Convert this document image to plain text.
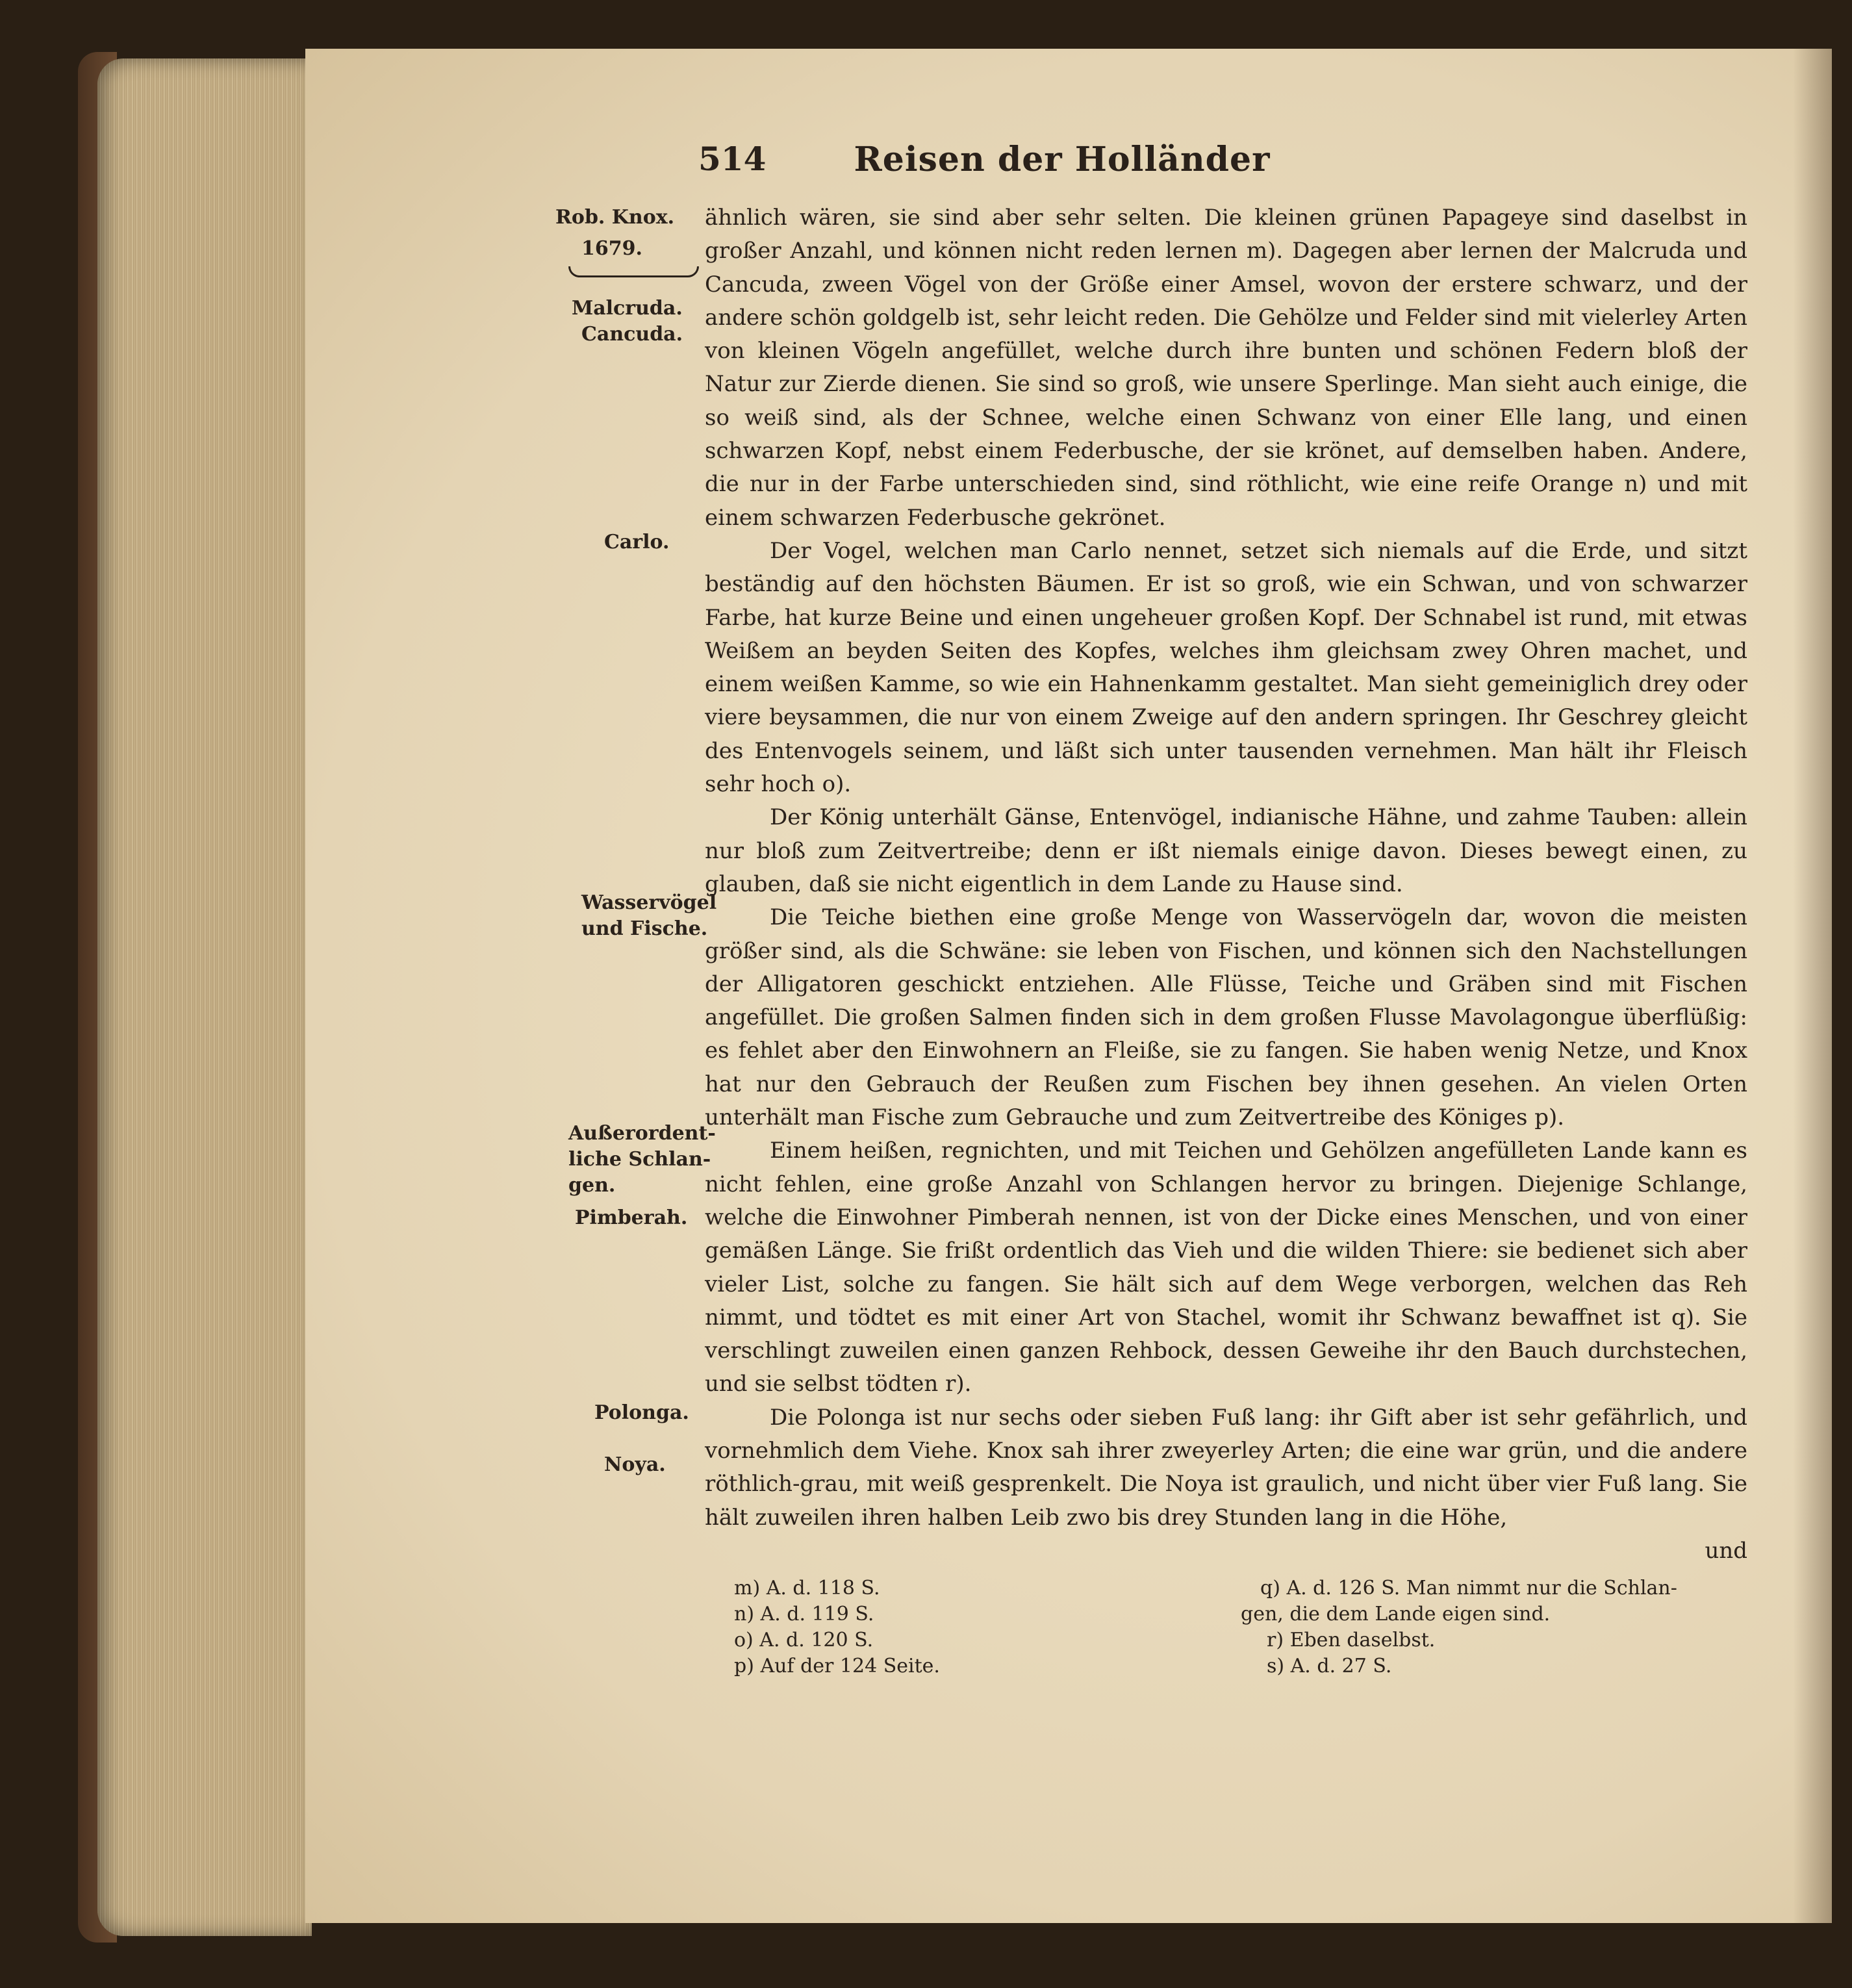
514	Reisen der Holländer
Rob. Knox.
1679.
Malcruda.
Cancuda.
Carlo.
Wasservögel
und Fische.
Außerordent-
liche Schlan-
gen.
Pimberah.
Polonga.
Noya.

ähnlich wären, sie sind aber sehr selten. Die kleinen grünen Papageye sind daselbst in großer Anzahl, und können nicht reden lernen m). Dagegen aber lernen der Malcruda und Cancuda, zween Vögel von der Größe einer Amsel, wovon der erstere schwarz, und der andere schön goldgelb ist, sehr leicht reden. Die Gehölze und Felder sind mit vielerley Arten von kleinen Vögeln angefüllet, welche durch ihre bunten und schönen Federn bloß der Natur zur Zierde dienen. Sie sind so groß, wie unsere Sperlinge. Man sieht auch einige, die so weiß sind, als der Schnee, welche einen Schwanz von einer Elle lang, und einen schwarzen Kopf, nebst einem Federbusche, der sie krönet, auf demselben haben. Andere, die nur in der Farbe unterschieden sind, sind röthlicht, wie eine reife Orange n) und mit einem schwarzen Federbusche gekrönet.

Der Vogel, welchen man Carlo nennet, setzet sich niemals auf die Erde, und sitzt beständig auf den höchsten Bäumen. Er ist so groß, wie ein Schwan, und von schwarzer Farbe, hat kurze Beine und einen ungeheuer großen Kopf. Der Schnabel ist rund, mit etwas Weißem an beyden Seiten des Kopfes, welches ihm gleichsam zwey Ohren machet, und einem weißen Kamme, so wie ein Hahnenkamm gestaltet. Man sieht gemeiniglich drey oder viere beysammen, die nur von einem Zweige auf den andern springen. Ihr Geschrey gleicht des Entenvogels seinem, und läßt sich unter tausenden vernehmen. Man hält ihr Fleisch sehr hoch o).

Der König unterhält Gänse, Entenvögel, indianische Hähne, und zahme Tauben: allein nur bloß zum Zeitvertreibe; denn er ißt niemals einige davon. Dieses bewegt einen, zu glauben, daß sie nicht eigentlich in dem Lande zu Hause sind.

Die Teiche biethen eine große Menge von Wasservögeln dar, wovon die meisten größer sind, als die Schwäne: sie leben von Fischen, und können sich den Nachstellungen der Alligatoren geschickt entziehen. Alle Flüsse, Teiche und Gräben sind mit Fischen angefüllet. Die großen Salmen finden sich in dem großen Flusse Mavolagongue überflüßig: es fehlet aber den Einwohnern an Fleiße, sie zu fangen. Sie haben wenig Netze, und Knox hat nur den Gebrauch der Reußen zum Fischen bey ihnen gesehen. An vielen Orten unterhält man Fische zum Gebrauche und zum Zeitvertreibe des Königes p).

Einem heißen, regnichten, und mit Teichen und Gehölzen angefülleten Lande kann es nicht fehlen, eine große Anzahl von Schlangen hervor zu bringen. Diejenige Schlange, welche die Einwohner Pimberah nennen, ist von der Dicke eines Menschen, und von einer gemäßen Länge. Sie frißt ordentlich das Vieh und die wilden Thiere: sie bedienet sich aber vieler List, solche zu fangen. Sie hält sich auf dem Wege verborgen, welchen das Reh nimmt, und tödtet es mit einer Art von Stachel, womit ihr Schwanz bewaffnet ist q). Sie verschlingt zuweilen einen ganzen Rehbock, dessen Geweihe ihr den Bauch durchstechen, und sie selbst tödten r).

Die Polonga ist nur sechs oder sieben Fuß lang: ihr Gift aber ist sehr gefährlich, und vornehmlich dem Viehe. Knox sah ihrer zweyerley Arten; die eine war grün, und die andere röthlich-grau, mit weiß gesprenkelt. Die Noya ist graulich, und nicht über vier Fuß lang. Sie hält zuweilen ihren halben Leib zwo bis drey Stunden lang in die Höhe,

und

m) A. d. 118 S.

n) A. d. 119 S.

o) A. d. 120 S.

p) Auf der 124 Seite.

q) A. d. 126 S. Man nimmt nur die Schlan-

gen, die dem Lande eigen sind.

r) Eben daselbst.

s) A. d. 27 S.
